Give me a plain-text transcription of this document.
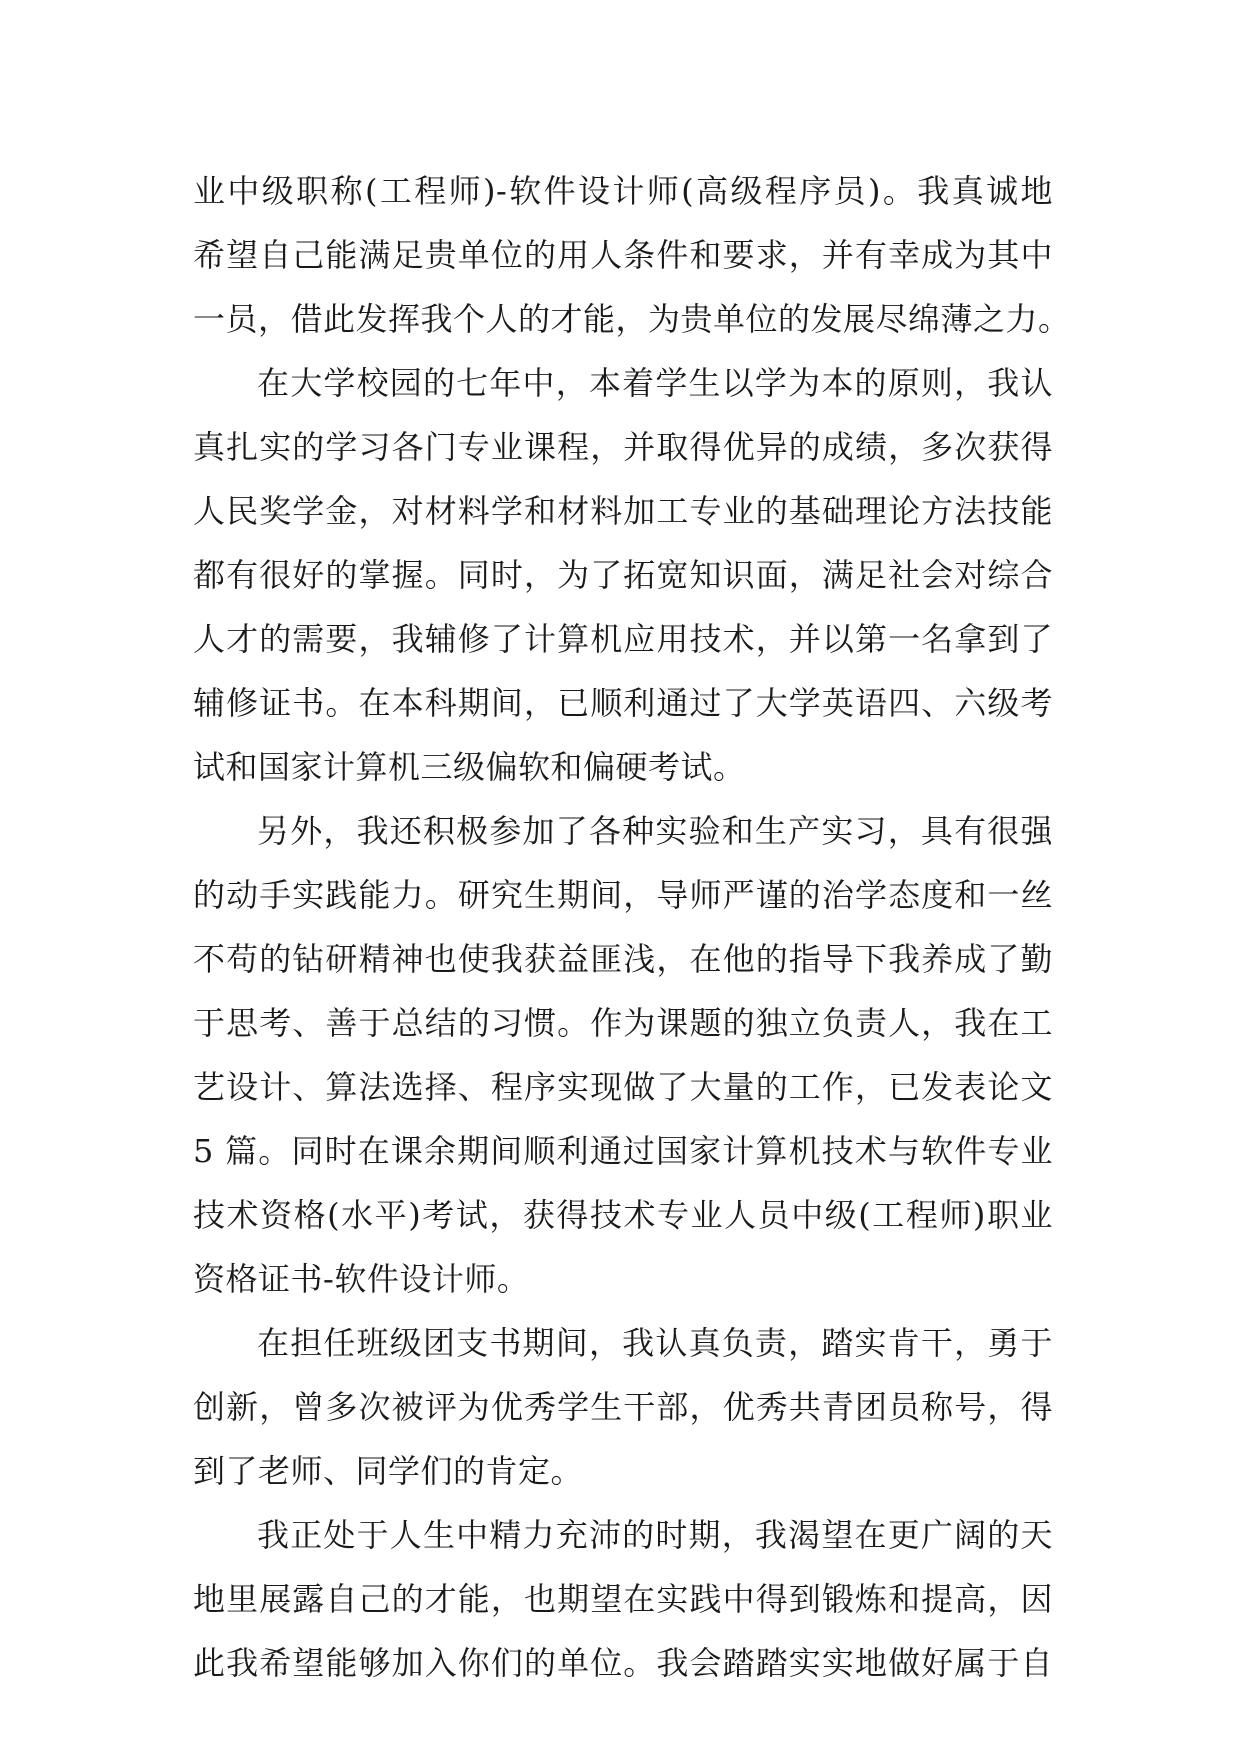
业中级职称(工程师)-软件设计师(高级程序员)。我真诚地
希望自己能满足贵单位的用人条件和要求，并有幸成为其中
一员，借此发挥我个人的才能，为贵单位的发展尽绵薄之力。
在大学校园的七年中，本着学生以学为本的原则，我认
真扎实的学习各门专业课程，并取得优异的成绩，多次获得
人民奖学金，对材料学和材料加工专业的基础理论方法技能
都有很好的掌握。同时，为了拓宽知识面，满足社会对综合
人才的需要，我辅修了计算机应用技术，并以第一名拿到了
辅修证书。在本科期间，已顺利通过了大学英语四、六级考
试和国家计算机三级偏软和偏硬考试。
另外，我还积极参加了各种实验和生产实习，具有很强
的动手实践能力。研究生期间，导师严谨的治学态度和一丝
不苟的钻研精神也使我获益匪浅，在他的指导下我养成了勤
于思考、善于总结的习惯。作为课题的独立负责人，我在工
艺设计、算法选择、程序实现做了大量的工作，已发表论文
5 篇。同时在课余期间顺利通过国家计算机技术与软件专业
技术资格(水平)考试，获得技术专业人员中级(工程师)职业
资格证书-软件设计师。
在担任班级团支书期间，我认真负责，踏实肯干，勇于
创新，曾多次被评为优秀学生干部，优秀共青团员称号，得
到了老师、同学们的肯定。
我正处于人生中精力充沛的时期，我渴望在更广阔的天
地里展露自己的才能，也期望在实践中得到锻炼和提高，因
此我希望能够加入你们的单位。我会踏踏实实地做好属于自
